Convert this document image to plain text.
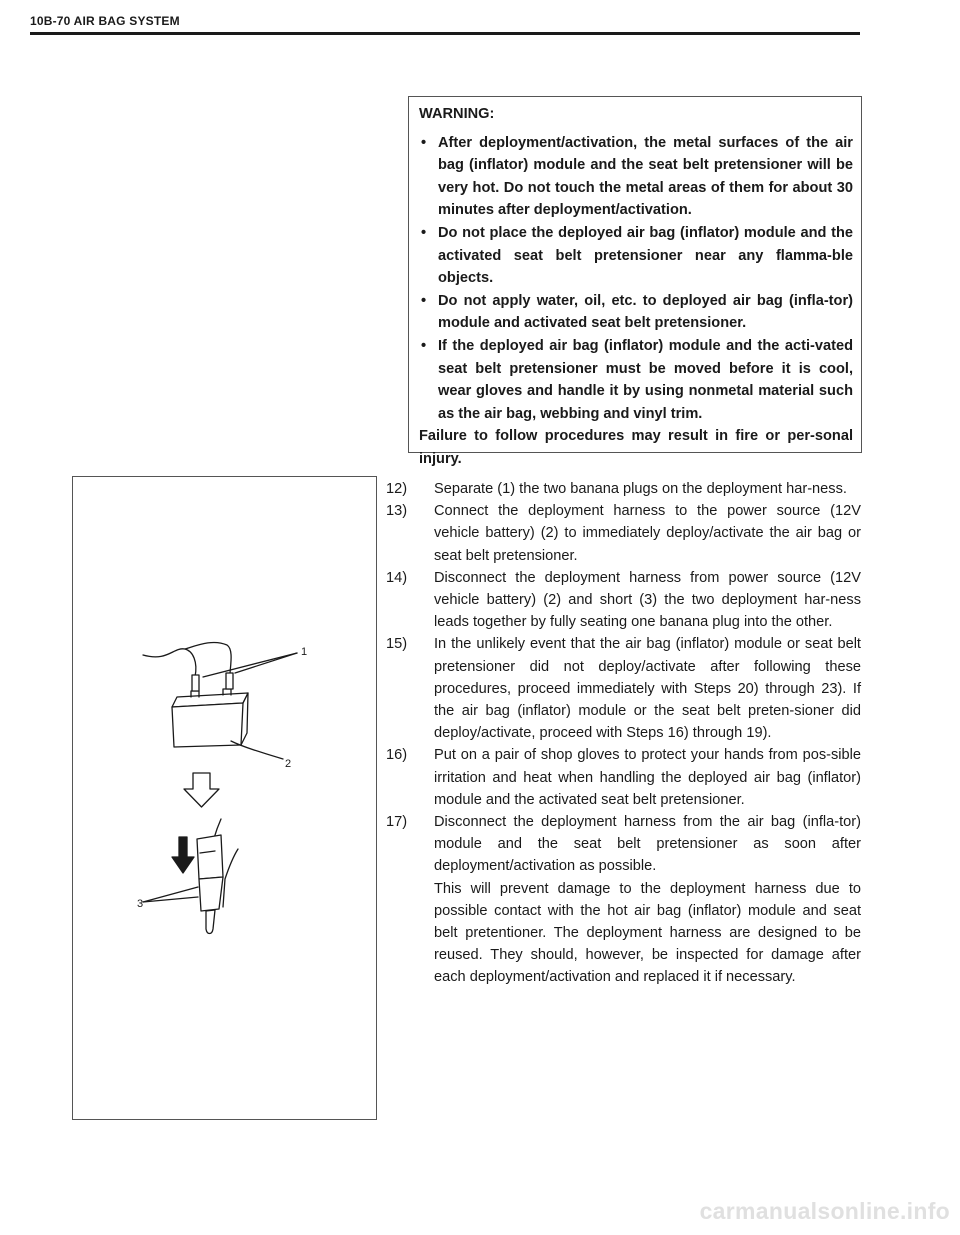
10B-70 AIR BAG SYSTEM
WARNING:
• After deployment/activation, the metal surfaces of the air bag (inflator) module and the seat belt pretensioner will be very hot. Do not touch the metal areas of them for about 30 minutes after deployment/activation.
• Do not place the deployed air bag (inflator) module and the activated seat belt pretensioner near any flamma-ble objects.
• Do not apply water, oil, etc. to deployed air bag (infla-tor) module and activated seat belt pretensioner.
• If the deployed air bag (inflator) module and the acti-vated seat belt pretensioner must be moved before it is cool, wear gloves and handle it by using nonmetal material such as the air bag, webbing and vinyl trim.
Failure to follow procedures may result in fire or per-sonal injury.
1
2
3
12) Separate (1) the two banana plugs on the deployment har-ness.
13) Connect the deployment harness to the power source (12V vehicle battery) (2) to immediately deploy/activate the air bag or seat belt pretensioner.
14) Disconnect the deployment harness from power source (12V vehicle battery) (2) and short (3) the two deployment har-ness leads together by fully seating one banana plug into the other.
15) In the unlikely event that the air bag (inflator) module or seat belt pretensioner did not deploy/activate after following these procedures, proceed immediately with Steps 20) through 23). If the air bag (inflator) module or the seat belt preten-sioner did deploy/activate, proceed with Steps 16) through 19).
16) Put on a pair of shop gloves to protect your hands from pos-sible irritation and heat when handling the deployed air bag (inflator) module and the activated seat belt pretensioner.
17) Disconnect the deployment harness from the air bag (infla-tor) module and the seat belt pretensioner as soon after deployment/activation as possible.
This will prevent damage to the deployment harness due to possible contact with the hot air bag (inflator) module and seat belt pretentioner. The deployment harness are designed to be reused. They should, however, be inspected for damage after each deployment/activation and replaced it if necessary.
carmanualsonline.info
